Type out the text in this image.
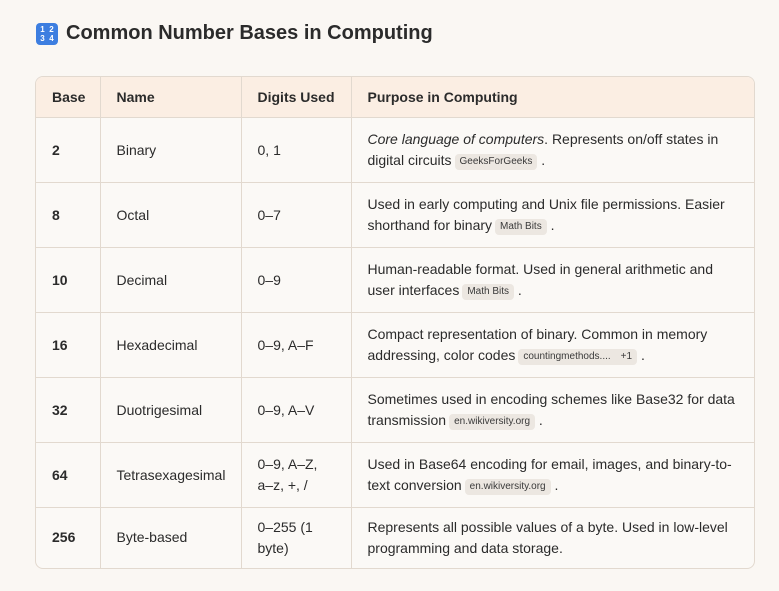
1 2
3 4 Common Number Bases in Computing
Base	Name	Digits Used	Purpose in Computing
2	Binary	0, 1	Core language of computers. Represents on/off states in digital circuits GeeksForGeeks .
8	Octal	0–7	Used in early computing and Unix file permissions. Easier shorthand for binary Math Bits .
10	Decimal	0–9	Human-readable format. Used in general arithmetic and user interfaces Math Bits .
16	Hexadecimal	0–9, A–F	Compact representation of binary. Common in memory addressing, color codes countingmethods.... +1 .
32	Duotrigesimal	0–9, A–V	Sometimes used in encoding schemes like Base32 for data transmission en.wikiversity.org .
64	Tetrasexagesimal	0–9, A–Z, a–z, +, /	Used in Base64 encoding for email, images, and binary-to-text conversion en.wikiversity.org .
256	Byte-based	0–255 (1 byte)	Represents all possible values of a byte. Used in low-level programming and data storage.
